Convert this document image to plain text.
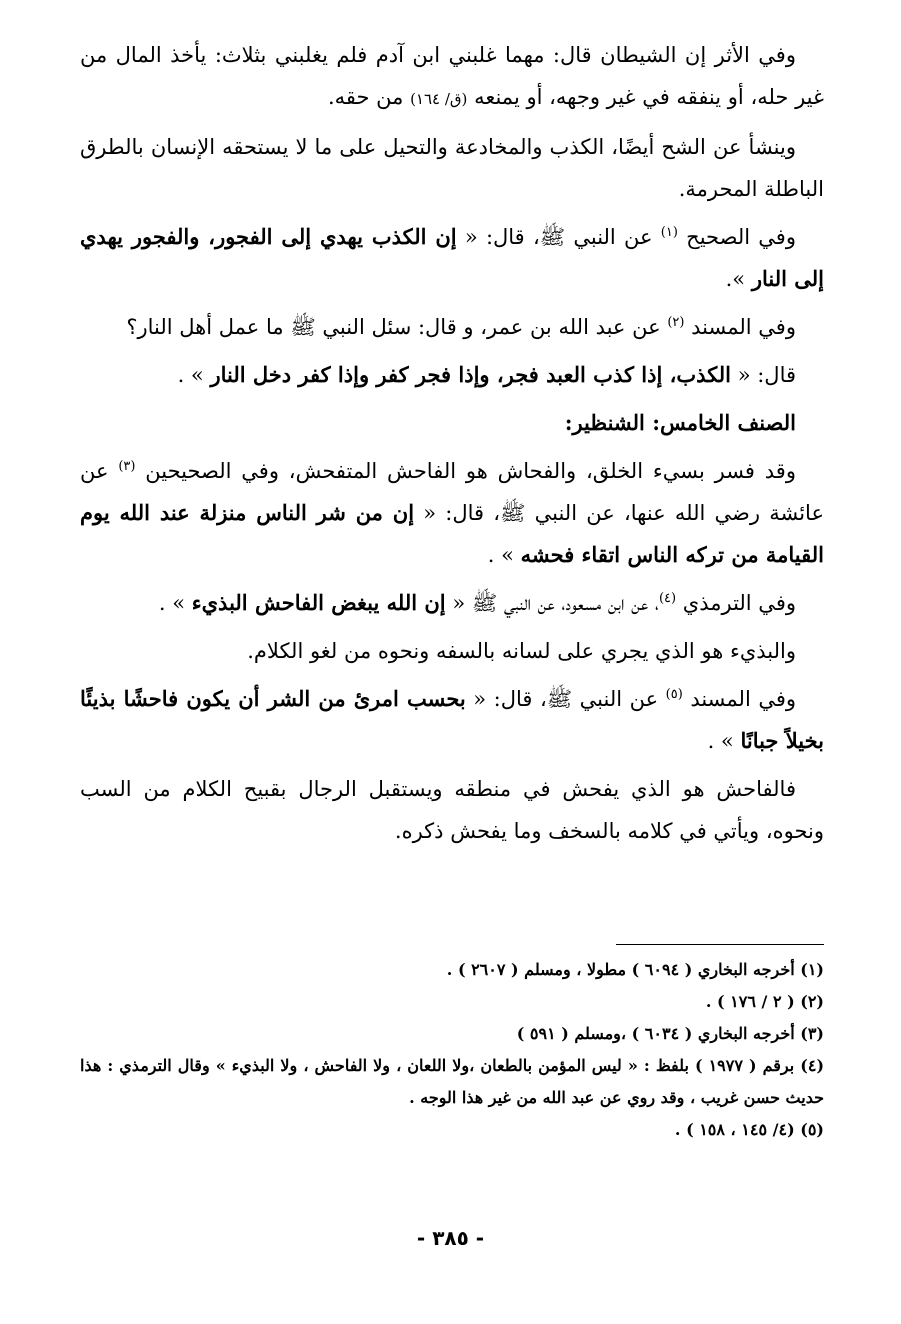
وفي الأثر إن الشيطان قال: مهما غلبني ابن آدم فلم يغلبني بثلاث: يأخذ المال من غير حله، أو ينفقه في غير وجهه، أو يمنعه (ق/ ١٦٤) من حقه.

وينشأ عن الشح أيضًا، الكذب والمخادعة والتحيل على ما لا يستحقه الإنسان بالطرق الباطلة المحرمة.

وفي الصحيح $^{(١)}$ عن النبي ﷺ، قال: « إن الكذب يهدي إلى الفجور، والفجور يهدي إلى النار ».

وفي المسند $^{(٢)}$ عن عبد الله بن عمر، و قال: سئل النبي ﷺ ما عمل أهل النار؟

قال: « الكذب، إذا كذب العبد فجر، وإذا فجر كفر وإذا كفر دخل النار » .

الصنف الخامس: الشنظير:

وقد فسر بسيء الخلق، والفحاش هو الفاحش المتفحش، وفي الصحيحين $^{(٣)}$ عن عائشة رضي الله عنها، عن النبي ﷺ، قال: « إن من شر الناس منزلة عند الله يوم القيامة من تركه الناس اتقاء فحشه » .

وفي الترمذي $^{(٤)}$، عن ابن مسعود، عن النبي ﷺ « إن الله يبغض الفاحش البذيء » .

والبذيء هو الذي يجري على لسانه بالسفه ونحوه من لغو الكلام.

وفي المسند $^{(٥)}$ عن النبي ﷺ، قال: « بحسب امرئ من الشر أن يكون فاحشًا بذيئًا بخيلاً جبانًا » .

فالفاحش هو الذي يفحش في منطقه ويستقبل الرجال بقبيح الكلام من السب ونحوه، ويأتي في كلامه بالسخف وما يفحش ذكره.

(١) أخرجه البخاري ( ٦٠٩٤ ) مطولا ، ومسلم ( ٢٦٠٧ ) .

(٢) ( ٢ / ١٧٦ ) .

(٣) أخرجه البخاري ( ٦٠٣٤ ) ،ومسلم ( ٥٩١ )

(٤) برقم ( ١٩٧٧ ) بلفظ : « ليس المؤمن بالطعان ،ولا اللعان ، ولا الفاحش ، ولا البذيء » وقال الترمذي : هذا حديث حسن غريب ، وقد روي عن عبد الله من غير هذا الوجه .

(٥) (٤/ ١٤٥ ، ١٥٨ ) .

- ٣٨٥ -
